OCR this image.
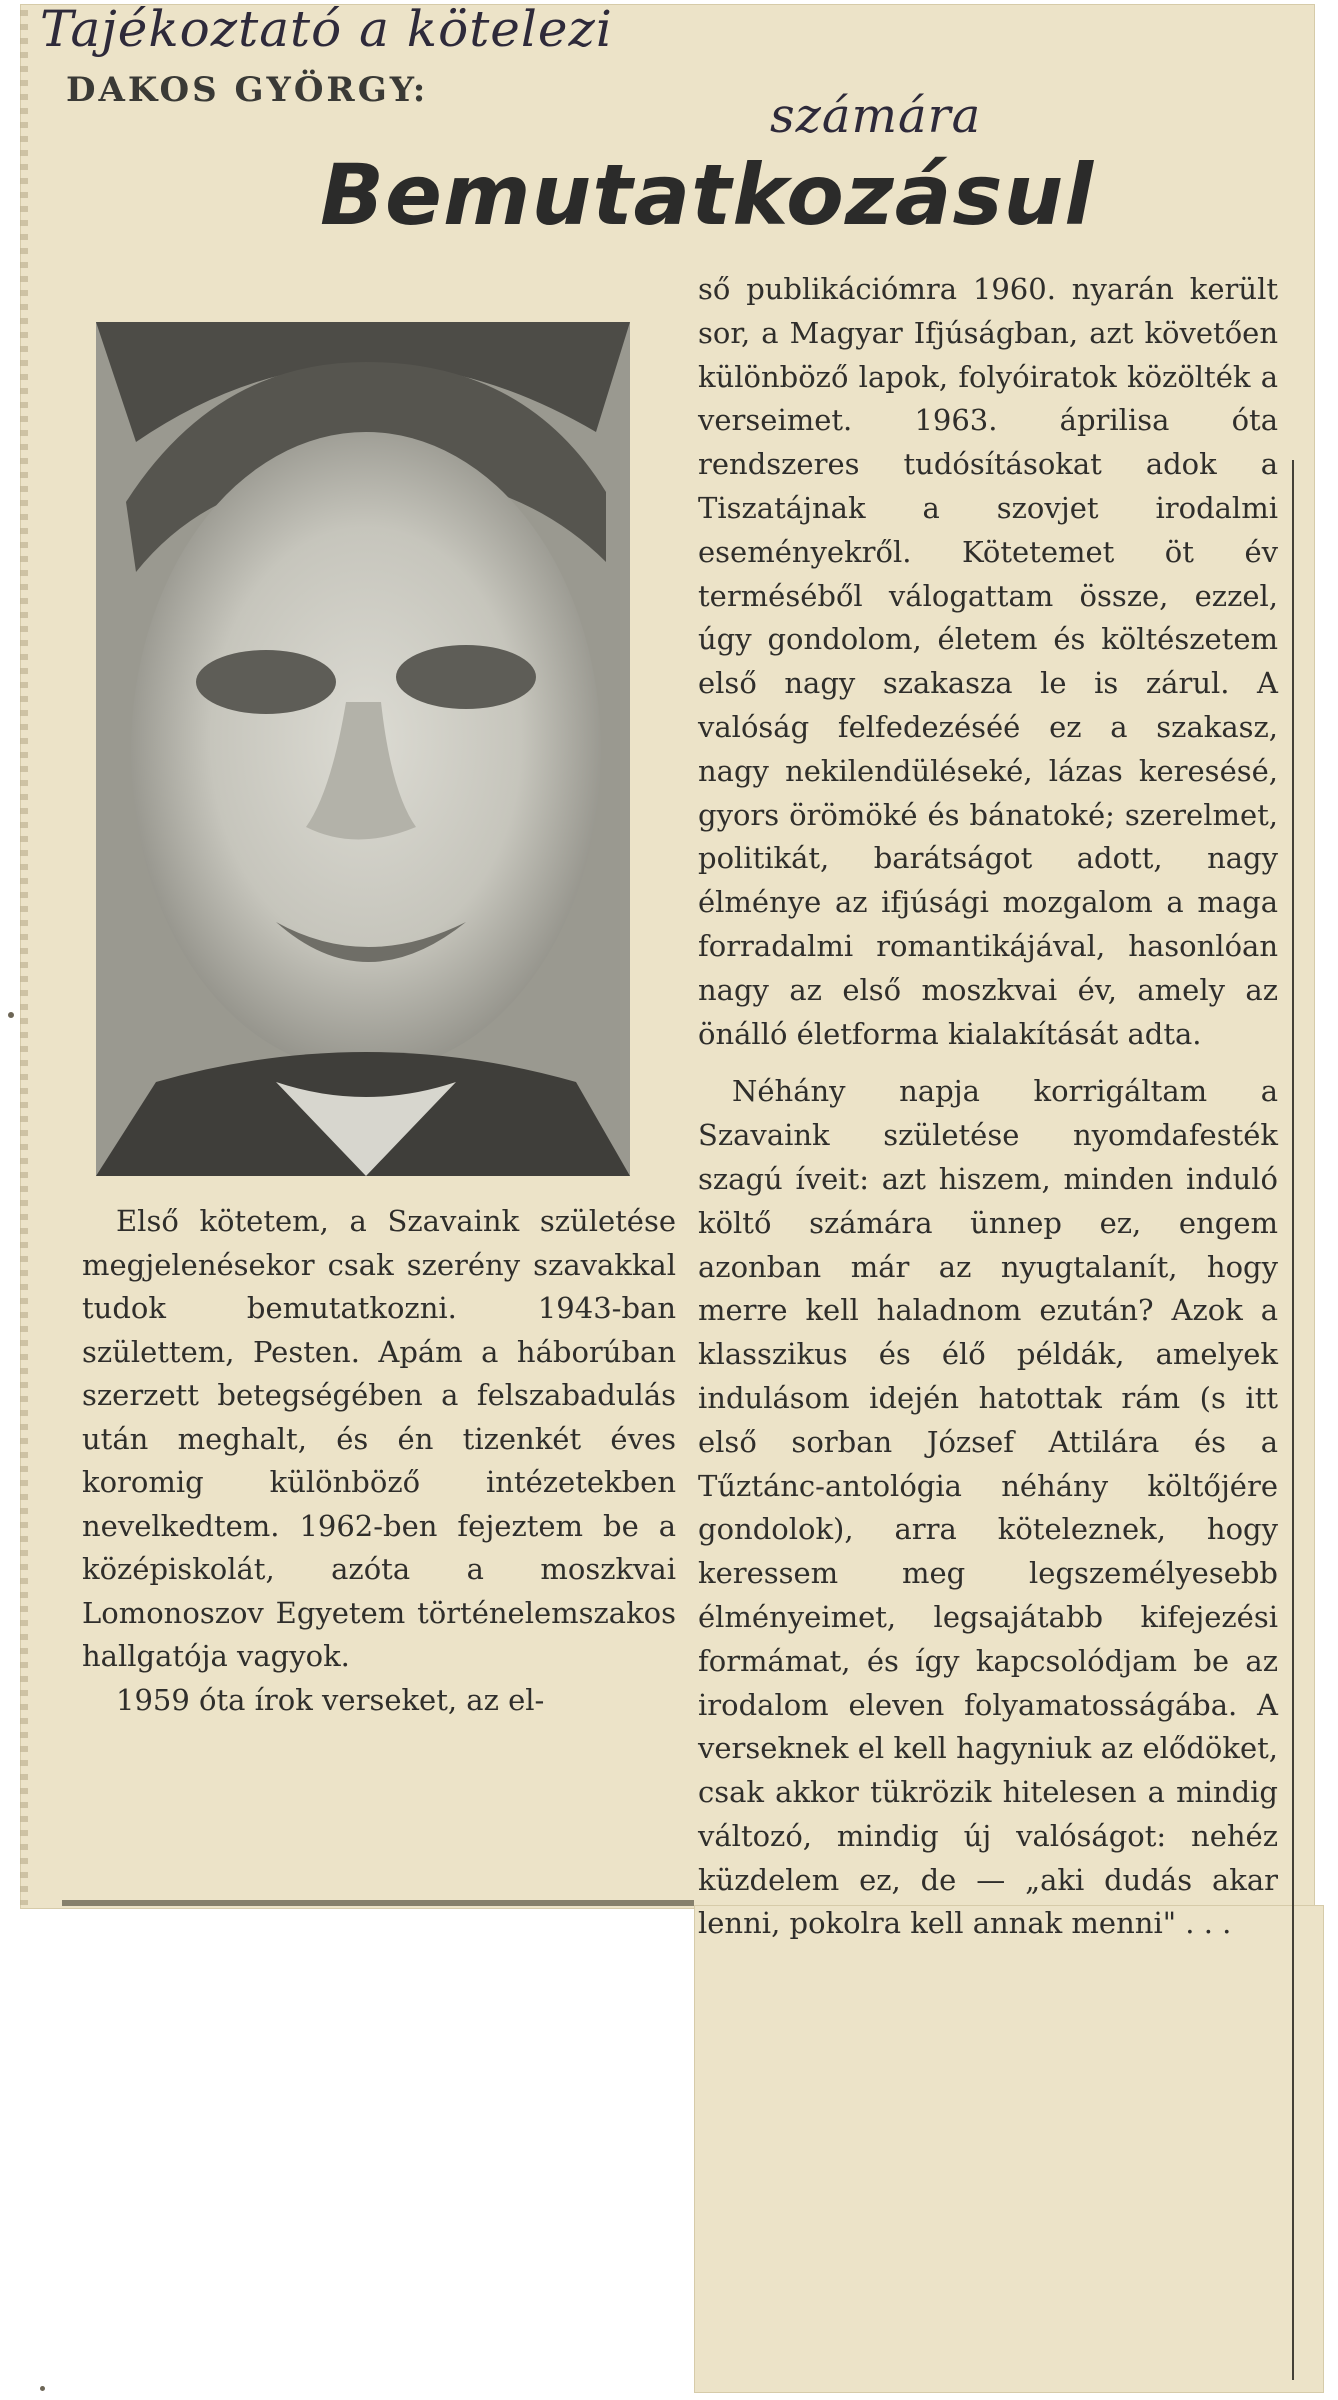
Tajékoztató a kötelezi
számára
DAKOS GYÖRGY:
Bemutatkozásul

Első kötetem, a Szavaink születése megjelenésekor csak szerény szavakkal tudok bemutatkozni. 1943-ban születtem, Pesten. Apám a háborúban szerzett betegségében a felszabadulás után meghalt, és én tizenkét éves koromig különböző intézetekben nevelkedtem. 1962-ben fejeztem be a középiskolát, azóta a moszkvai Lomonoszov Egyetem történelemszakos hallgatója vagyok.

1959 óta írok verseket, az el-

ső publikációmra 1960. nyarán került sor, a Magyar Ifjúságban, azt követően különböző lapok, folyóiratok közölték a verseimet. 1963. áprilisa óta rendszeres tudósításokat adok a Tiszatájnak a szovjet irodalmi eseményekről. Kötetemet öt év terméséből válogattam össze, ezzel, úgy gondolom, életem és költészetem első nagy szakasza le is zárul. A valóság felfedezéséé ez a szakasz, nagy nekilendüléseké, lázas keresésé, gyors örömöké és bánatoké; szerelmet, politikát, barátságot adott, nagy élménye az ifjúsági mozgalom a maga forradalmi romantikájával, hasonlóan nagy az első moszkvai év, amely az önálló életforma kialakítását adta.

Néhány napja korrigáltam a Szavaink születése nyomdafesték szagú íveit: azt hiszem, minden induló költő számára ünnep ez, engem azonban már az nyugtalanít, hogy merre kell haladnom ezután? Azok a klasszikus és élő példák, amelyek indulásom idején hatottak rám (s itt első sorban József Attilára és a Tűztánc-antológia néhány költőjére gondolok), arra köteleznek, hogy keressem meg legszemélyesebb élményeimet, legsajátabb kifejezési formámat, és így kapcsolódjam be az irodalom eleven folyamatosságába. A verseknek el kell hagyniuk az elődöket, csak akkor tükrözik hitelesen a mindig változó, mindig új valóságot: nehéz küzdelem ez, de — „aki dudás akar lenni, pokolra kell annak menni" . . .
